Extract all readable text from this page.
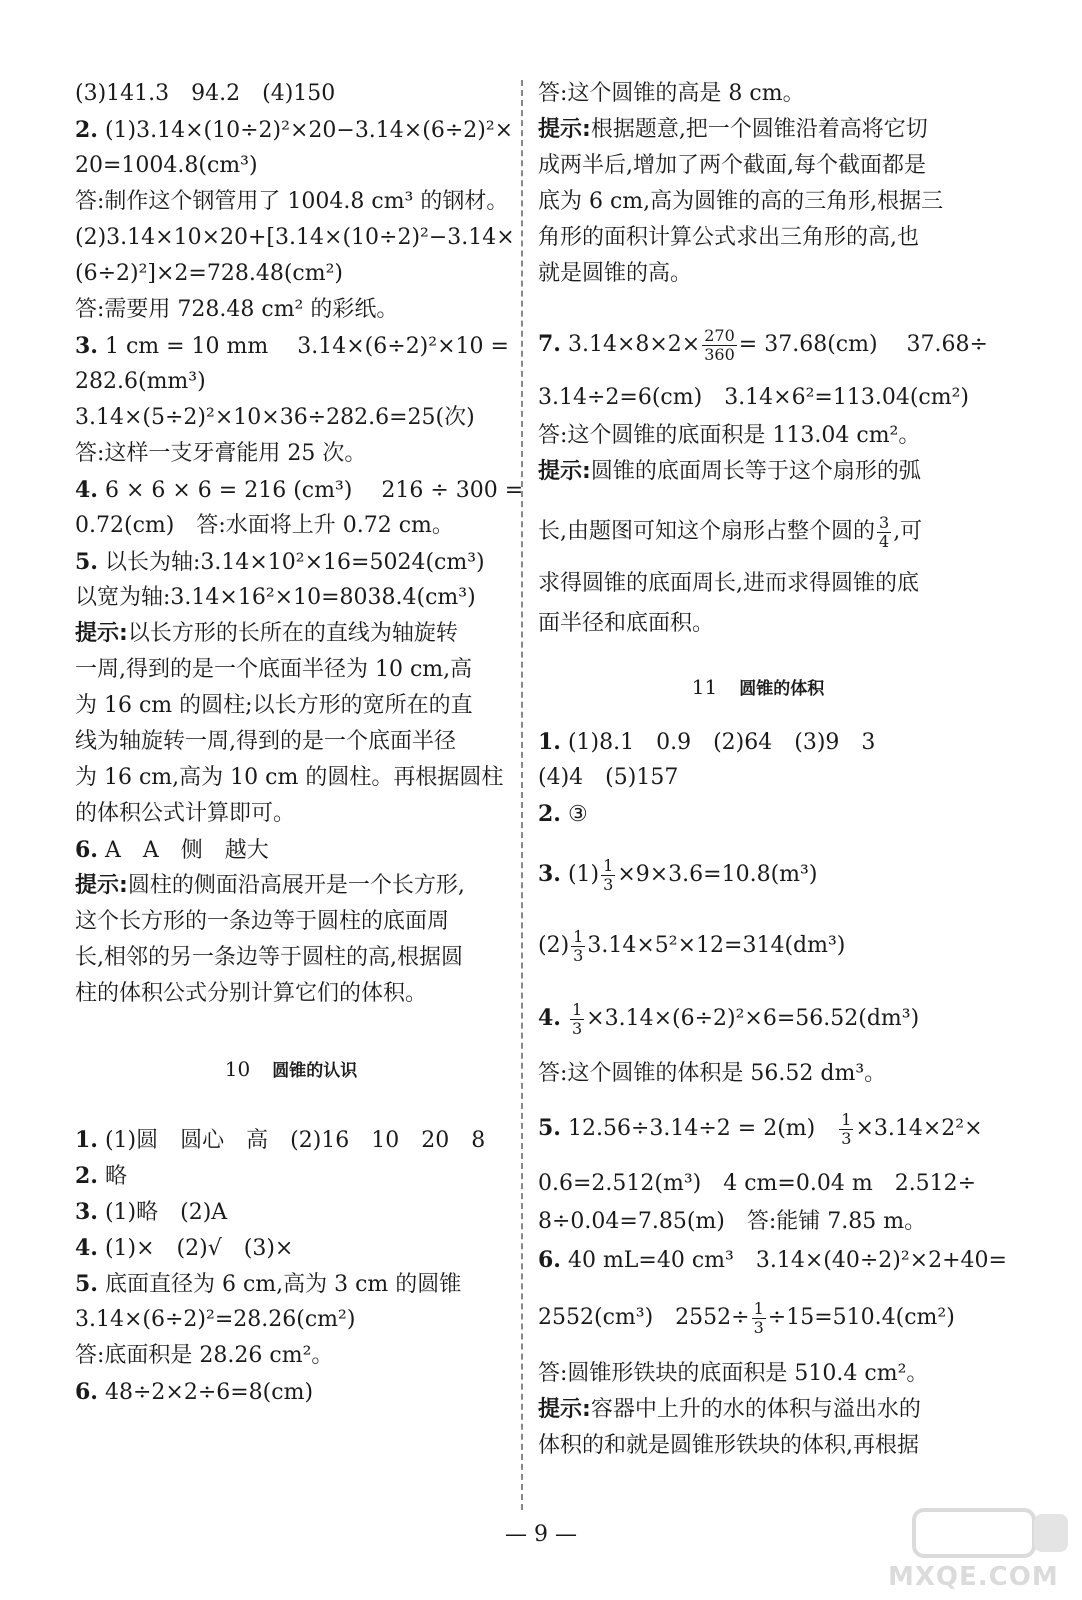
(3)141.3　94.2　(4)150
2. (1)3.14×(10÷2)²×20−3.14×(6÷2)²×
20=1004.8(cm³)
答:制作这个钢管用了 1004.8 cm³ 的钢材。
(2)3.14×10×20+[3.14×(10÷2)²−3.14×
(6÷2)²]×2=728.48(cm²)
答:需要用 728.48 cm² 的彩纸。
3. 1 cm = 10 mm　 3.14×(6÷2)²×10 =
282.6(mm³)
3.14×(5÷2)²×10×36÷282.6=25(次)
答:这样一支牙膏能用 25 次。
4. 6 × 6 × 6 = 216 (cm³)　 216 ÷ 300 =
0.72(cm)　答:水面将上升 0.72 cm。
5. 以长为轴:3.14×10²×16=5024(cm³)
以宽为轴:3.14×16²×10=8038.4(cm³)
提示:以长方形的长所在的直线为轴旋转
一周,得到的是一个底面半径为 10 cm,高
为 16 cm 的圆柱;以长方形的宽所在的直
线为轴旋转一周,得到的是一个底面半径
为 16 cm,高为 10 cm 的圆柱。再根据圆柱
的体积公式计算即可。
6. A　A　侧　越大
提示:圆柱的侧面沿高展开是一个长方形,
这个长方形的一条边等于圆柱的底面周
长,相邻的另一条边等于圆柱的高,根据圆
柱的体积公式分别计算它们的体积。
10 圆锥的认识
1. (1)圆　圆心　高　(2)16　10　20　8
2. 略
3. (1)略　(2)A
4. (1)×　(2)√　(3)×
5. 底面直径为 6 cm,高为 3 cm 的圆锥
3.14×(6÷2)²=28.26(cm²)
答:底面积是 28.26 cm²。
6. 48÷2×2÷6=8(cm)
答:这个圆锥的高是 8 cm。
提示:根据题意,把一个圆锥沿着高将它切
成两半后,增加了两个截面,每个截面都是
底为 6 cm,高为圆锥的高的三角形,根据三
角形的面积计算公式求出三角形的高,也
就是圆锥的高。
7. $3.14\times 8\times 2\times \frac{270}{360} = 37.68(cm)$　 37.68÷
3.14÷2=6(cm)　3.14×6²=113.04(cm²)
答:这个圆锥的底面积是 113.04 cm²。
提示:圆锥的底面周长等于这个扇形的弧
长,由题图可知这个扇形占整个圆的 $\frac{3}{4}$ ,可
求得圆锥的底面周长,进而求得圆锥的底
面半径和底面积。
11 圆锥的体积
1. (1)8.1　0.9　(2)64　(3)9　3
(4)4　(5)157
2. ③
3. $(1) \frac{1}{3} \times 9\times 3.6=10.8(m^3)$
$(2) \frac{1}{3} 3.14\times 5^2\times 12=314(dm^3)$
4. $\frac{1}{3} \times 3.14\times(6\div 2)^2\times 6=56.52(dm^3)$
答:这个圆锥的体积是 56.52 dm³。
5. 12.56÷3.14÷2 = 2(m)　 $\frac{1}{3} \times 3.14\times 2^2\times$
0.6=2.512(m³)　4 cm=0.04 m　2.512÷
8÷0.04=7.85(m)　答:能铺 7.85 m。
6. 40 mL=40 cm³　3.14×(40÷2)²×2+40=
2552(cm³)　$2552\div \frac{1}{3} \div 15=510.4(cm^2)$
答:圆锥形铁块的底面积是 510.4 cm²。
提示:容器中上升的水的体积与溢出水的
体积的和就是圆锥形铁块的体积,再根据
— 9 —
MXQE.COM
